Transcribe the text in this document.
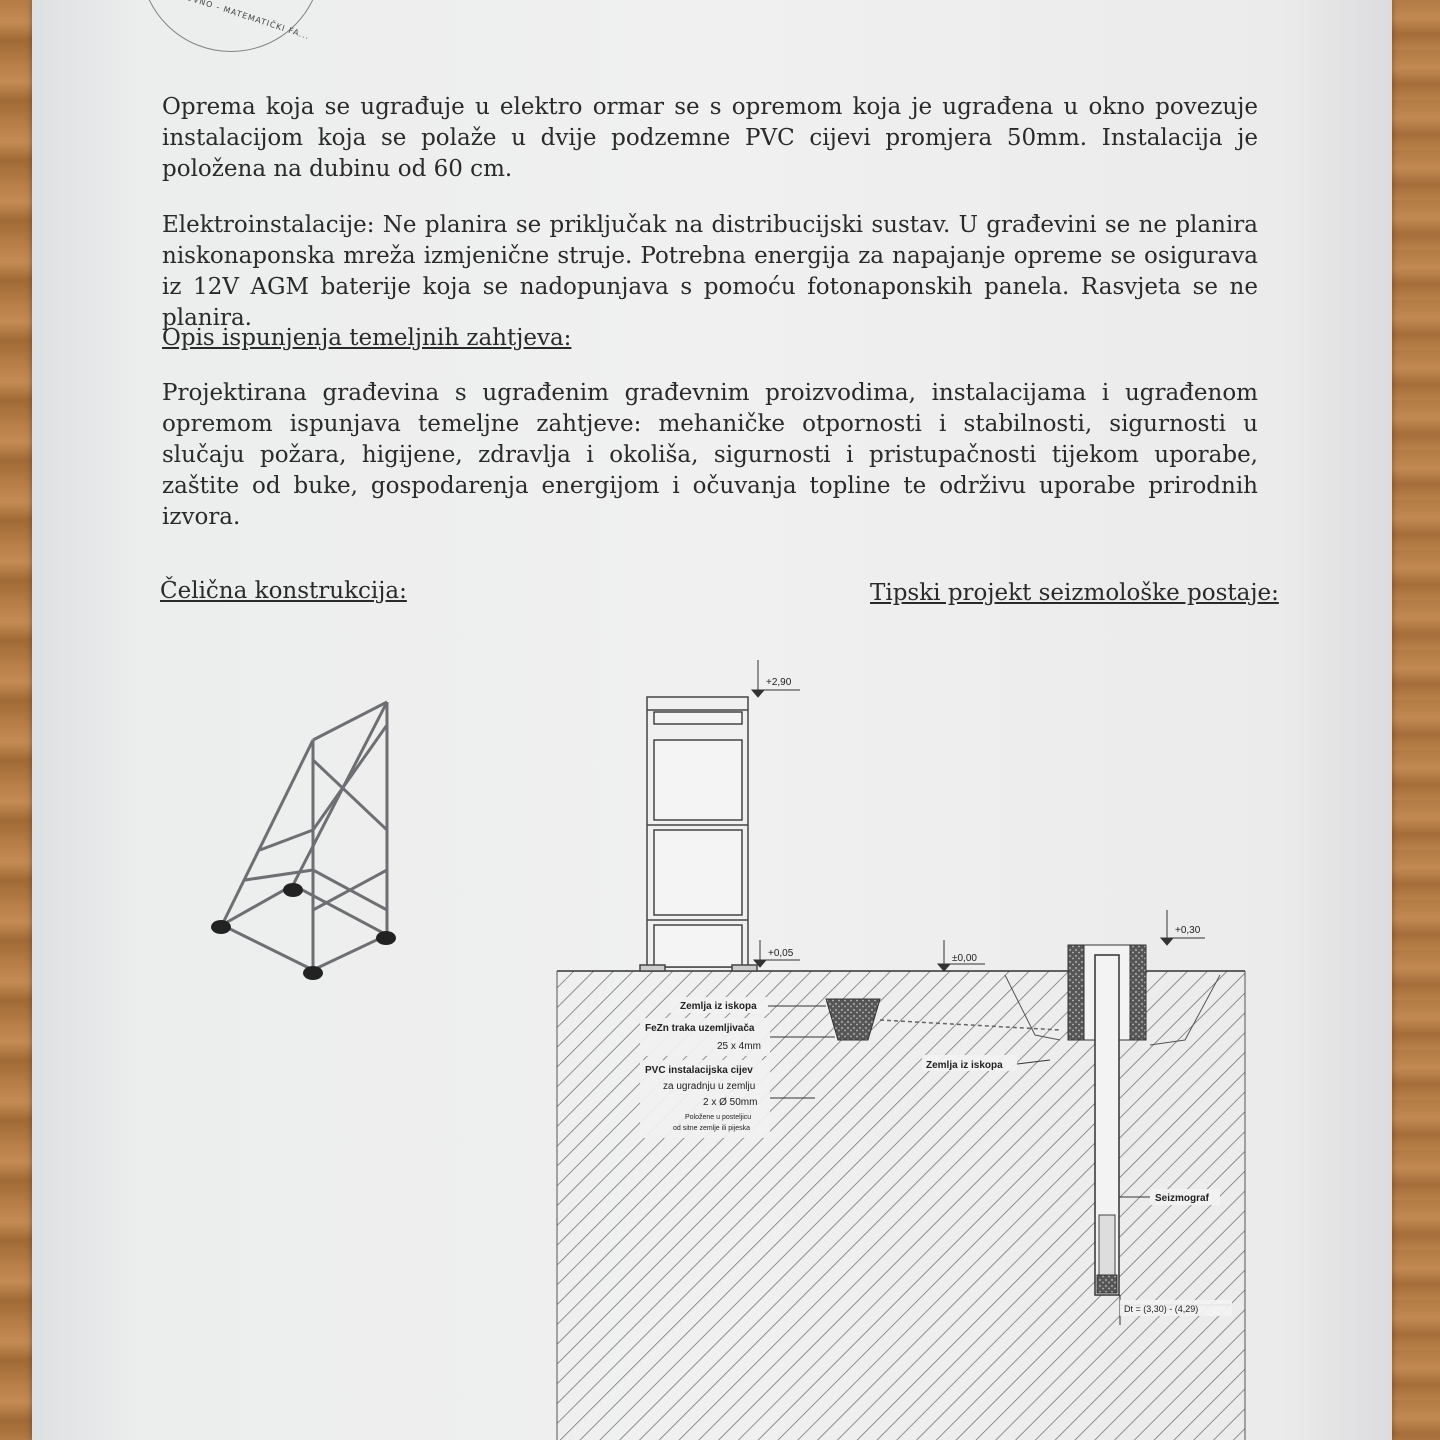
Oprema koja se ugrađuje u elektro ormar se s opremom koja je ugrađena u okno povezuje instalacijom koja se polaže u dvije podzemne PVC cijevi promjera 50mm. Instalacija je položena na dubinu od 60 cm.
Elektroinstalacije: Ne planira se priključak na distribucijski sustav. U građevini se ne planira niskonaponska mreža izmjenične struje. Potrebna energija za napajanje opreme se osigurava iz 12V AGM baterije koja se nadopunjava s pomoću fotonaponskih panela. Rasvjeta se ne planira.
Opis ispunjenja temeljnih zahtjeva:
Projektirana građevina s ugrađenim građevnim proizvodima, instalacijama i ugrađenom opremom ispunjava temeljne zahtjeve: mehaničke otpornosti i stabilnosti, sigurnosti u slučaju požara, higijene, zdravlja i okoliša, sigurnosti i pristupačnosti tijekom uporabe, zaštite od buke, gospodarenja energijom i očuvanja topline te održivu uporabe prirodnih izvora.
Čelična konstrukcija:	Tipski projekt seizmološke postaje:
+2,90
+0,05	±0,00
+0,30
Zemlja iz iskopa
FeZn traka uzemljivača
25 x 4mm
PVC instalacijska cijev
za ugradnju u zemlju
2 x Ø 50mm
Položene u posteljicu
od sitne zemlje ili pijeska
Zemlja iz iskopa
Seizmograf
Dt = (3,30) - (4,29)
